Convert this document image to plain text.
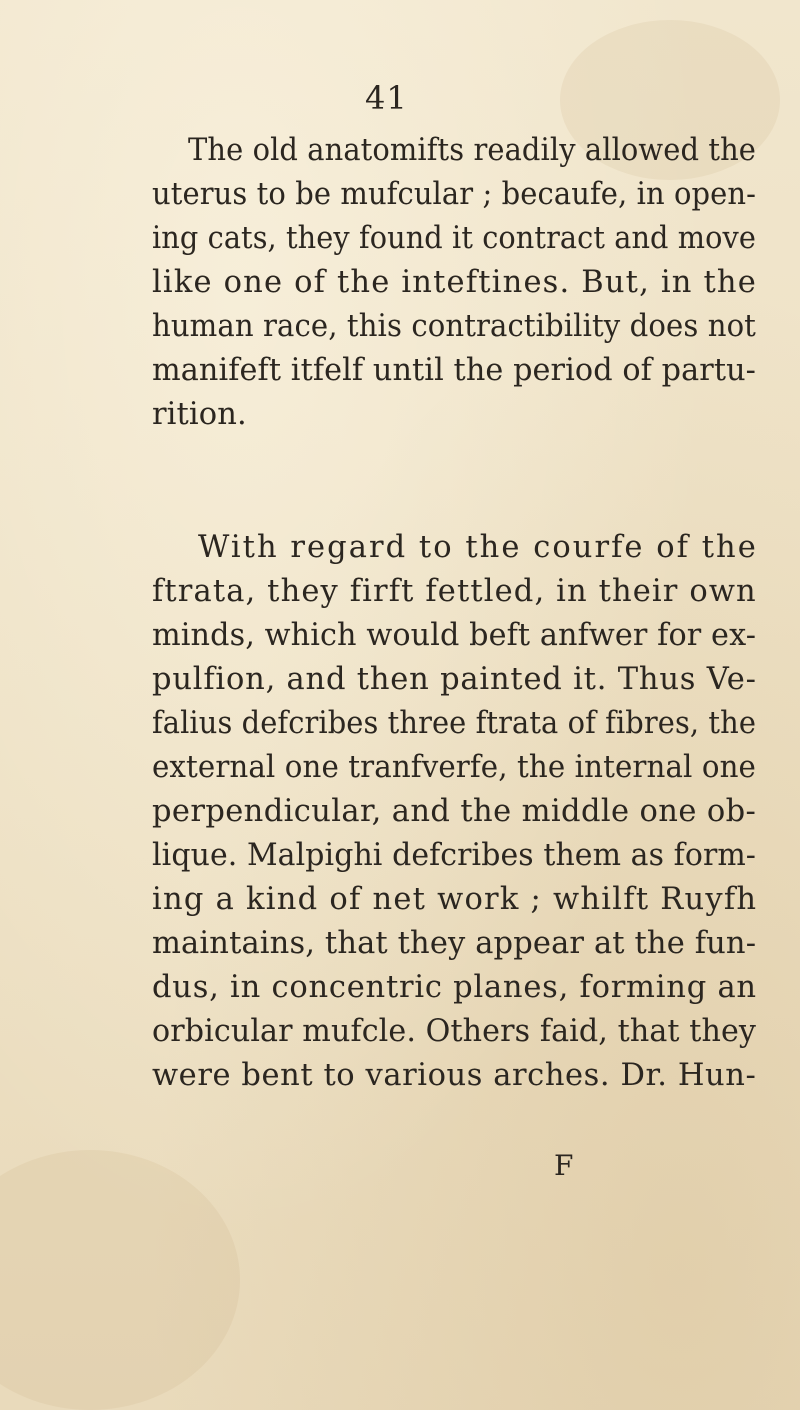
41
The old anatomifts readily allowed the
uterus to be mufcular ; becaufe, in open-
ing cats, they found it contract and move
like one of the inteftines. But, in the
human race, this contractibility does not
manifeft itfelf until the period of partu-
rition.
With regard to the courfe of the
ftrata, they firft fettled, in their own
minds, which would beft anfwer for ex-
pulfion, and then painted it. Thus Ve-
falius defcribes three ftrata of fibres, the
external one tranfverfe, the internal one
perpendicular, and the middle one ob-
lique. Malpighi defcribes them as form-
ing a kind of net work ; whilft Ruyfh
maintains, that they appear at the fun-
dus, in concentric planes, forming an
orbicular mufcle. Others faid, that they
were bent to various arches. Dr. Hun-
F
